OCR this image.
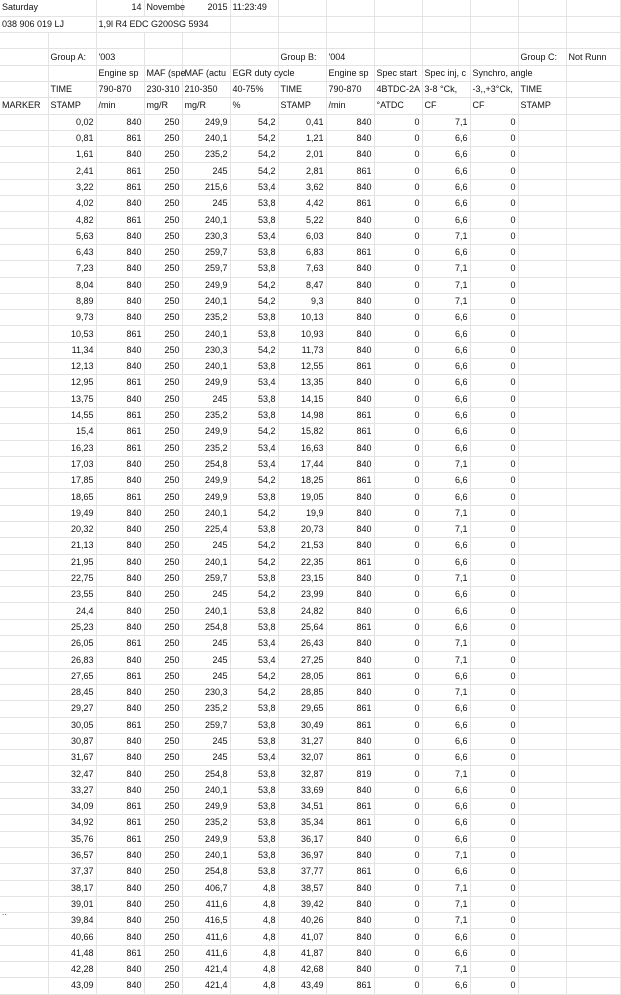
Saturday		14	Novembe	2015	11:23:49							
038 906 019 LJ		1,9l R4 EDC G200SG 5934										

	Group A:	'003				Group B:	'004				Group C:	Not Runn
		Engine sp	MAF (spe	MAF (actu	EGR duty cycle		Engine sp	Spec start	Spec inj, c	Synchro, angle		
	TIME	790-870	230-310	210-350	40-75%	TIME	790-870	4BTDC-2A	3-8 °Ck,	-3,,+3°Ck,	TIME	
MARKER	STAMP	/min	mg/R	mg/R	%	STAMP	/min	°ATDC	CF	CF	STAMP	
	0,02	840	250	249,9	54,2	0,41	840	0	7,1	0		
	0,81	861	250	240,1	54,2	1,21	840	0	6,6	0		
	1,61	840	250	235,2	54,2	2,01	840	0	6,6	0		
	2,41	861	250	245	54,2	2,81	861	0	6,6	0		
	3,22	861	250	215,6	53,4	3,62	840	0	6,6	0		
	4,02	840	250	245	53,8	4,42	861	0	6,6	0		
	4,82	861	250	240,1	53,8	5,22	840	0	6,6	0		
	5,63	840	250	230,3	53,4	6,03	840	0	7,1	0		
	6,43	840	250	259,7	53,8	6,83	861	0	6,6	0		
	7,23	840	250	259,7	53,8	7,63	840	0	7,1	0		
	8,04	840	250	249,9	54,2	8,47	840	0	7,1	0		
	8,89	840	250	240,1	54,2	9,3	840	0	7,1	0		
	9,73	840	250	235,2	53,8	10,13	840	0	6,6	0		
	10,53	861	250	240,1	53,8	10,93	840	0	6,6	0		
	11,34	840	250	230,3	54,2	11,73	840	0	6,6	0		
	12,13	840	250	240,1	53,8	12,55	861	0	6,6	0		
	12,95	861	250	249,9	53,4	13,35	840	0	6,6	0		
	13,75	840	250	245	53,8	14,15	840	0	6,6	0		
	14,55	861	250	235,2	53,8	14,98	861	0	6,6	0		
	15,4	861	250	249,9	54,2	15,82	861	0	6,6	0		
	16,23	861	250	235,2	53,4	16,63	840	0	6,6	0		
	17,03	840	250	254,8	53,4	17,44	840	0	7,1	0		
	17,85	840	250	249,9	54,2	18,25	861	0	6,6	0		
	18,65	861	250	249,9	53,8	19,05	840	0	6,6	0		
	19,49	840	250	240,1	54,2	19,9	840	0	7,1	0		
	20,32	840	250	225,4	53,8	20,73	840	0	7,1	0		
	21,13	840	250	245	54,2	21,53	840	0	6,6	0		
	21,95	840	250	240,1	54,2	22,35	861	0	6,6	0		
	22,75	840	250	259,7	53,8	23,15	840	0	7,1	0		
	23,55	840	250	245	54,2	23,99	840	0	6,6	0		
	24,4	840	250	240,1	53,8	24,82	840	0	6,6	0		
	25,23	840	250	254,8	53,8	25,64	861	0	6,6	0		
	26,05	861	250	245	53,4	26,43	840	0	7,1	0		
	26,83	840	250	245	53,4	27,25	840	0	7,1	0		
	27,65	861	250	245	54,2	28,05	861	0	6,6	0		
	28,45	840	250	230,3	54,2	28,85	840	0	7,1	0		
	29,27	840	250	235,2	53,8	29,65	861	0	6,6	0		
	30,05	861	250	259,7	53,8	30,49	861	0	6,6	0		
	30,87	840	250	245	53,8	31,27	840	0	6,6	0		
	31,67	840	250	245	53,4	32,07	861	0	6,6	0		
	32,47	840	250	254,8	53,8	32,87	819	0	7,1	0		
	33,27	840	250	240,1	53,8	33,69	840	0	6,6	0		
	34,09	861	250	249,9	53,8	34,51	861	0	6,6	0		
	34,92	861	250	235,2	53,8	35,34	861	0	6,6	0		
	35,76	861	250	249,9	53,8	36,17	840	0	6,6	0		
	36,57	840	250	240,1	53,8	36,97	840	0	7,1	0		
	37,37	840	250	254,8	53,8	37,77	861	0	6,6	0		
	38,17	840	250	406,7	4,8	38,57	840	0	7,1	0		
	39,01	840	250	411,6	4,8	39,42	840	0	7,1	0		
	39,84	840	250	416,5	4,8	40,26	840	0	7,1	0		
	40,66	840	250	411,6	4,8	41,07	840	0	6,6	0		
	41,48	861	250	411,6	4,8	41,87	840	0	6,6	0		
	42,28	840	250	421,4	4,8	42,68	840	0	7,1	0		
	43,09	840	250	421,4	4,8	43,49	861	0	6,6	0		
..
